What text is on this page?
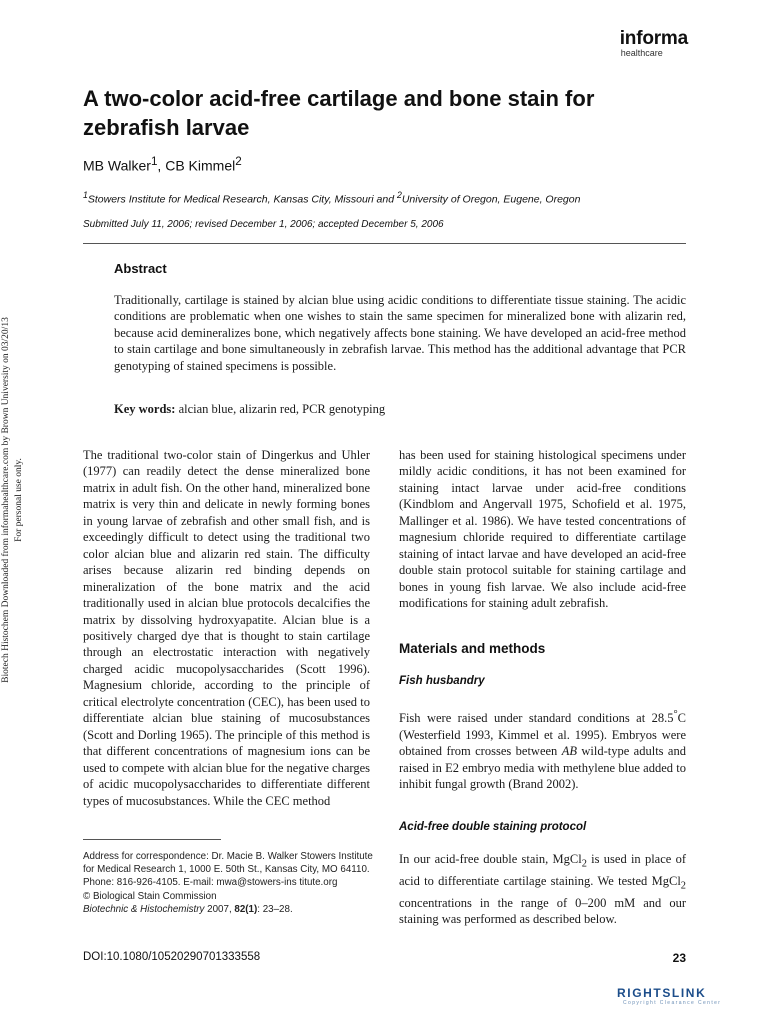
informa
healthcare
Biotech Histochem Downloaded from informahealthcare.com by Brown University on 03/20/13 For personal use only.
A two-color acid-free cartilage and bone stain for zebrafish larvae
MB Walker$^1$, CB Kimmel$^2$
$^1$Stowers Institute for Medical Research, Kansas City, Missouri and $^2$University of Oregon, Eugene, Oregon
Submitted July 11, 2006; revised December 1, 2006; accepted December 5, 2006
Abstract

Traditionally, cartilage is stained by alcian blue using acidic conditions to differentiate tissue staining. The acidic conditions are problematic when one wishes to stain the same specimen for mineralized bone with alizarin red, because acid demineralizes bone, which negatively affects bone staining. We have developed an acid-free method to stain cartilage and bone simultaneously in zebrafish larvae. This method has the additional advantage that PCR genotyping of stained specimens is possible.

Key words: alcian blue, alizarin red, PCR genotyping

The traditional two-color stain of Dingerkus and Uhler (1977) can readily detect the dense mineralized bone matrix in adult fish. On the other hand, mineralized bone matrix is very thin and delicate in newly forming bones in young larvae of zebrafish and other small fish, and is exceedingly difficult to detect using the traditional two color alcian blue and alizarin red stain. The difficulty arises because alizarin red binding depends on mineralization of the bone matrix and the acid traditionally used in alcian blue protocols decalcifies the matrix by dissolving hydroxyapatite. Alcian blue is a positively charged dye that is thought to stain cartilage through an electrostatic interaction with negatively charged acidic mucopolysaccharides (Scott 1996). Magnesium chloride, according to the principle of critical electrolyte concentration (CEC), has been used to differentiate alcian blue staining of mucosubstances (Scott and Dorling 1965). The principle of this method is that different concentrations of magnesium ions can be used to compete with alcian blue for the negative charges of acidic mucopolysaccharides to differentiate different types of mucosubstances. While the CEC method

has been used for staining histological specimens under mildly acidic conditions, it has not been examined for staining intact larvae under acid-free conditions (Kindblom and Angervall 1975, Schofield et al. 1975, Mallinger et al. 1986). We have tested concentrations of magnesium chloride required to differentiate cartilage staining of intact larvae and have developed an acid-free double stain protocol suitable for staining cartilage and bones in young fish larvae. We also include acid-free modifications for staining adult zebrafish.

Materials and methods
Fish husbandry

Fish were raised under standard conditions at 28.5°C (Westerfield 1993, Kimmel et al. 1995). Embryos were obtained from crosses between AB wild-type adults and raised in E2 embryo media with methylene blue added to inhibit fungal growth (Brand 2002).

Acid-free double staining protocol

In our acid-free double stain, MgCl$_2$ is used in place of acid to differentiate cartilage staining. We tested MgCl$_2$ concentrations in the range of 0–200 mM and our staining was performed as described below.

Address for correspondence: Dr. Macie B. Walker Stowers Institute for Medical Research 1, 1000 E. 50th St., Kansas City, MO 64110. Phone: 816-926-4105. E-mail: mwa@stowers-ins titute.org
© Biological Stain Commission
Biotechnic & Histochemistry 2007, 82(1): 23–28.
DOI:10.1080/10520290701333558	23
RIGHTSLINK
Copyright Clearance Center
